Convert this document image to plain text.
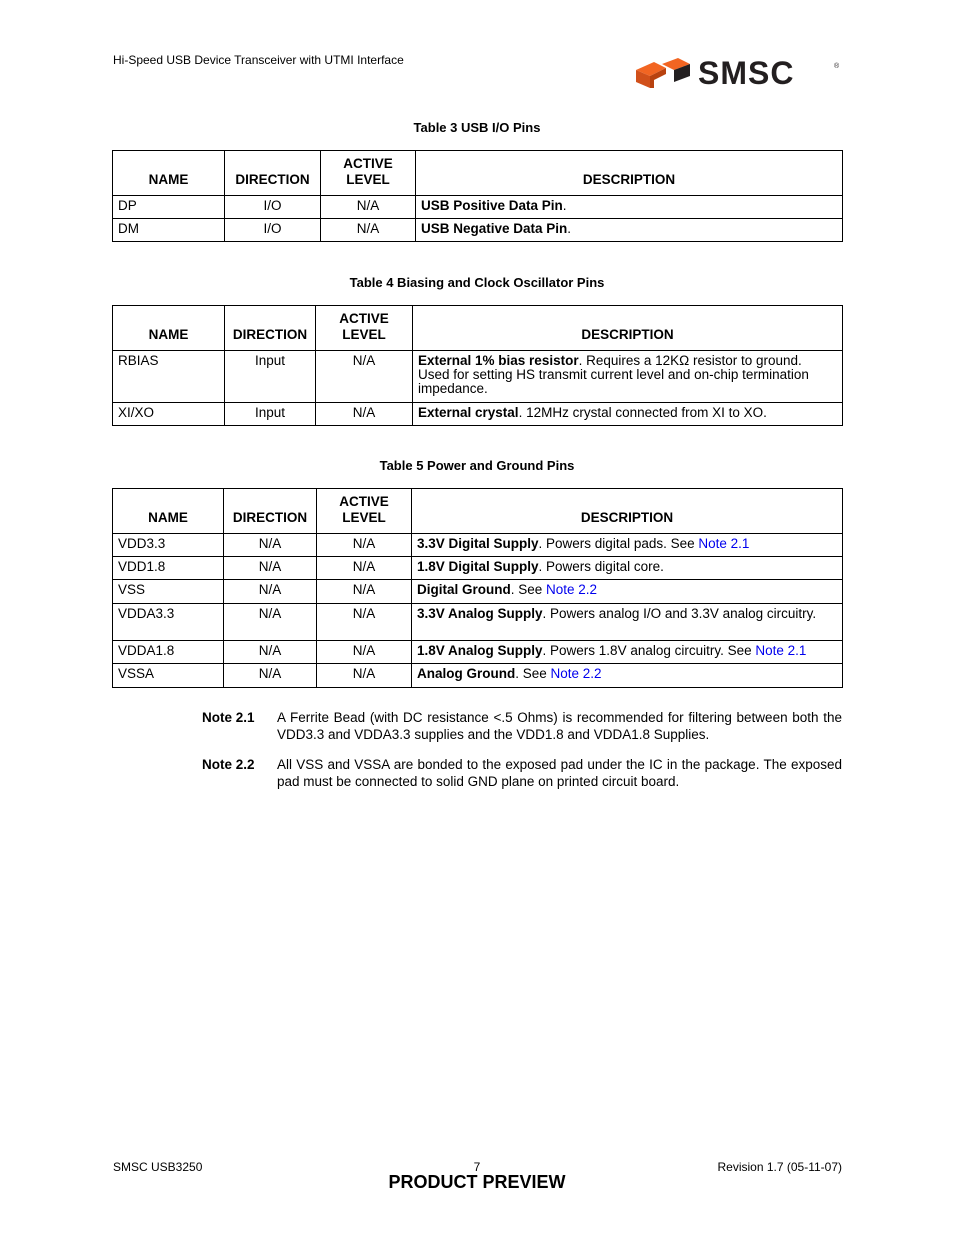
Hi-Speed USB Device Transceiver with UTMI Interface	SMSC	®
Table 3 USB I/O Pins
NAME	DIRECTION	ACTIVE LEVEL	DESCRIPTION
DP	I/O	N/A	USB Positive Data Pin.
DM	I/O	N/A	USB Negative Data Pin.
Table 4 Biasing and Clock Oscillator Pins
NAME	DIRECTION	ACTIVE LEVEL	DESCRIPTION
RBIAS	Input	N/A	External 1% bias resistor. Requires a 12KΩ resistor to ground. Used for setting HS transmit current level and on-chip termination impedance.
XI/XO	Input	N/A	External crystal. 12MHz crystal connected from XI to XO.
Table 5 Power and Ground Pins
NAME	DIRECTION	ACTIVE LEVEL	DESCRIPTION
VDD3.3	N/A	N/A	3.3V Digital Supply. Powers digital pads. See Note 2.1
VDD1.8	N/A	N/A	1.8V Digital Supply. Powers digital core.
VSS	N/A	N/A	Digital Ground. See Note 2.2
VDDA3.3	N/A	N/A	3.3V Analog Supply. Powers analog I/O and 3.3V analog circuitry.
VDDA1.8	N/A	N/A	1.8V Analog Supply. Powers 1.8V analog circuitry. See Note 2.1
VSSA	N/A	N/A	Analog Ground. See Note 2.2
Note 2.1 A Ferrite Bead (with DC resistance <.5 Ohms) is recommended for filtering between both the VDD3.3 and VDDA3.3 supplies and the VDD1.8 and VDDA1.8 Supplies.
Note 2.2 All VSS and VSSA are bonded to the exposed pad under the IC in the package. The exposed pad must be connected to solid GND plane on printed circuit board.
SMSC USB3250	7	Revision 1.7 (05-11-07)
PRODUCT PREVIEW
